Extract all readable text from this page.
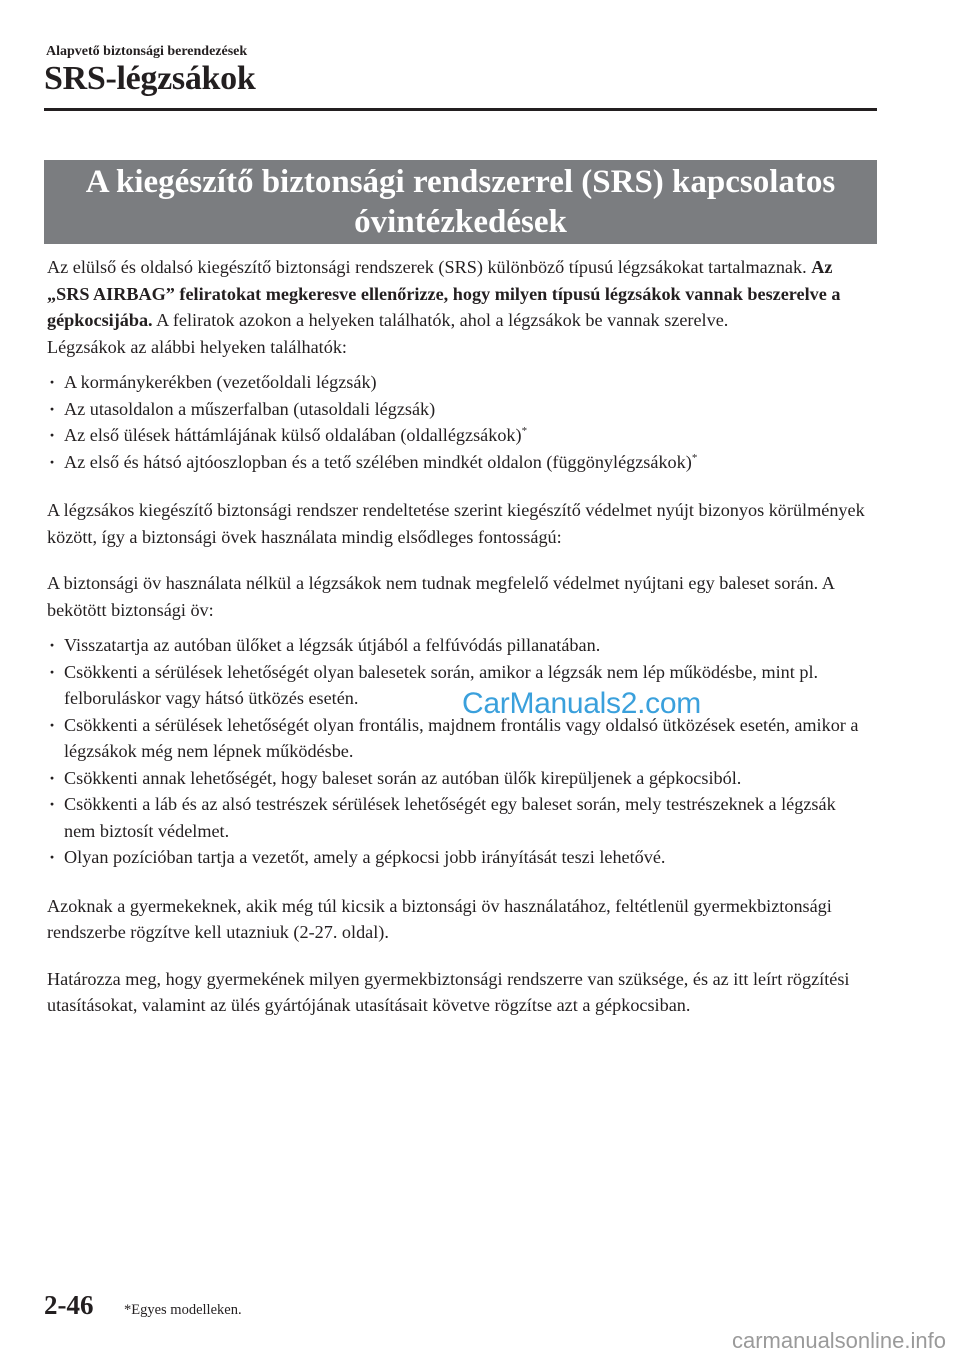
Alapvető biztonsági berendezések
SRS-légzsákok
A kiegészítő biztonsági rendszerrel (SRS) kapcsolatos
óvintézkedések

Az elülső és oldalsó kiegészítő biztonsági rendszerek (SRS) különböző típusú légzsákokat tartalmaznak. Az „SRS AIRBAG” feliratokat megkeresve ellenőrizze, hogy milyen típusú légzsákok vannak beszerelve a gépkocsijába. A feliratok azokon a helyeken találhatók, ahol a légzsákok be vannak szerelve.

Légzsákok az alábbi helyeken találhatók:

· A kormánykerékben (vezetőoldali légzsák)
· Az utasoldalon a műszerfalban (utasoldali légzsák)
· Az első ülések háttámlájának külső oldalában (oldallégzsákok)*
· Az első és hátsó ajtóoszlopban és a tető szélében mindkét oldalon (függönylégzsákok)*

A légzsákos kiegészítő biztonsági rendszer rendeltetése szerint kiegészítő védelmet nyújt bizonyos körülmények között, így a biztonsági övek használata mindig elsődleges fontosságú:

A biztonsági öv használata nélkül a légzsákok nem tudnak megfelelő védelmet nyújtani egy baleset során. A bekötött biztonsági öv:

· Visszatartja az autóban ülőket a légzsák útjából a felfúvódás pillanatában.
· Csökkenti a sérülések lehetőségét olyan balesetek során, amikor a légzsák nem lép működésbe, mint pl. felboruláskor vagy hátsó ütközés esetén.
· Csökkenti a sérülések lehetőségét olyan frontális, majdnem frontális vagy oldalsó ütközések esetén, amikor a légzsákok még nem lépnek működésbe.
· Csökkenti annak lehetőségét, hogy baleset során az autóban ülők kirepüljenek a gépkocsiból.
· Csökkenti a láb és az alsó testrészek sérülések lehetőségét egy baleset során, mely testrészeknek a légzsák nem biztosít védelmet.
· Olyan pozícióban tartja a vezetőt, amely a gépkocsi jobb irányítását teszi lehetővé.

Azoknak a gyermekeknek, akik még túl kicsik a biztonsági öv használatához, feltétlenül gyermekbiztonsági rendszerbe rögzítve kell utazniuk (2-27. oldal).

Határozza meg, hogy gyermekének milyen gyermekbiztonsági rendszerre van szüksége, és az itt leírt rögzítési utasításokat, valamint az ülés gyártójának utasításait követve rögzítse azt a gépkocsiban.

CarManuals2.com
2-46 *Egyes modelleken.
carmanualsonline.info
